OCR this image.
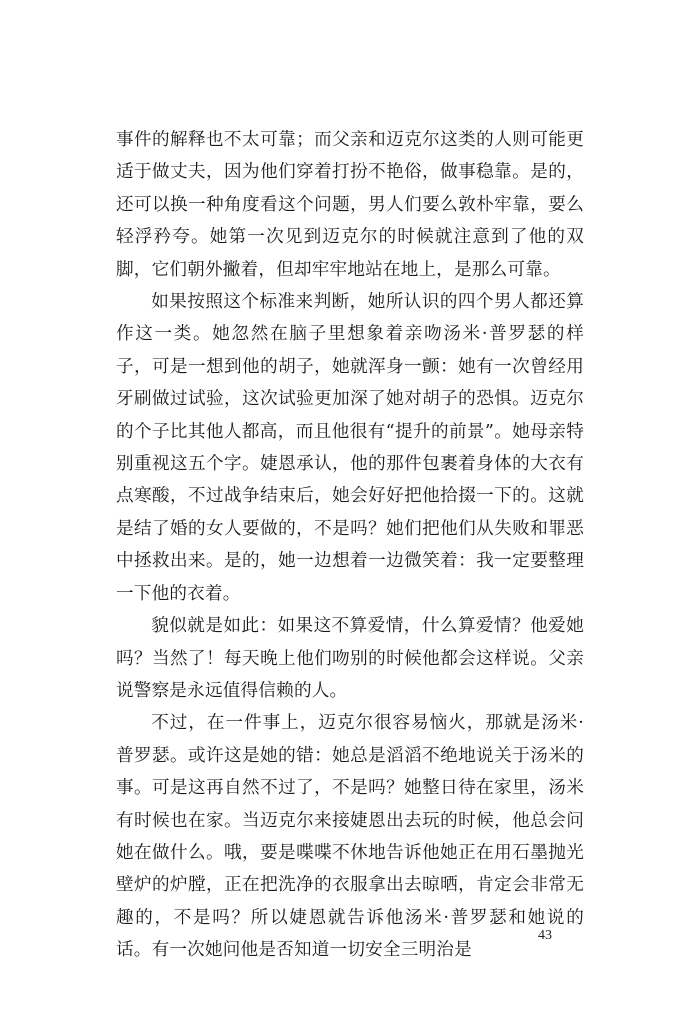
事件的解释也不太可靠；而父亲和迈克尔这类的人则可能更适于做丈夫，因为他们穿着打扮不艳俗，做事稳靠。是的，还可以换一种角度看这个问题，男人们要么敦朴牢靠，要么轻浮矜夸。她第一次见到迈克尔的时候就注意到了他的双脚，它们朝外撇着，但却牢牢地站在地上，是那么可靠。

如果按照这个标准来判断，她所认识的四个男人都还算作这一类。她忽然在脑子里想象着亲吻汤米·普罗瑟的样子，可是一想到他的胡子，她就浑身一颤：她有一次曾经用牙刷做过试验，这次试验更加深了她对胡子的恐惧。迈克尔的个子比其他人都高，而且他很有“提升的前景”。她母亲特别重视这五个字。婕恩承认，他的那件包裹着身体的大衣有点寒酸，不过战争结束后，她会好好把他拾掇一下的。这就是结了婚的女人要做的，不是吗？她们把他们从失败和罪恶中拯救出来。是的，她一边想着一边微笑着：我一定要整理一下他的衣着。

貌似就是如此：如果这不算爱情，什么算爱情？他爱她吗？当然了！每天晚上他们吻别的时候他都会这样说。父亲说警察是永远值得信赖的人。

不过，在一件事上，迈克尔很容易恼火，那就是汤米·普罗瑟。或许这是她的错：她总是滔滔不绝地说关于汤米的事。可是这再自然不过了，不是吗？她整日待在家里，汤米有时候也在家。当迈克尔来接婕恩出去玩的时候，他总会问她在做什么。哦，要是喋喋不休地告诉他她正在用石墨抛光壁炉的炉膛，正在把洗净的衣服拿出去晾晒，肯定会非常无趣的，不是吗？所以婕恩就告诉他汤米·普罗瑟和她说的话。有一次她问他是否知道一切安全三明治是

43
